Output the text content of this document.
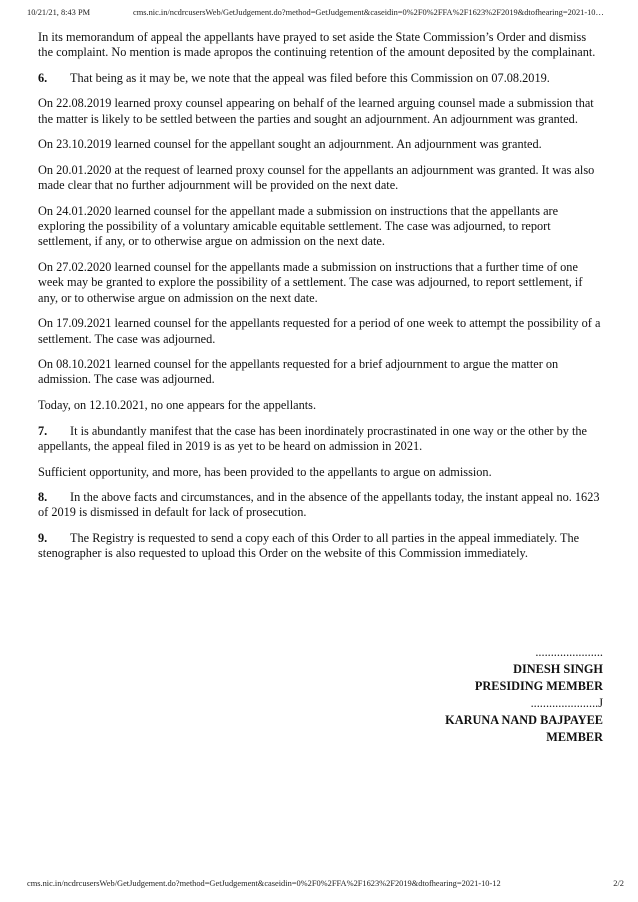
10/21/21, 8:43 PM	cms.nic.in/ncdrcusersWeb/GetJudgement.do?method=GetJudgement&caseidin=0%2F0%2FFA%2F1623%2F2019&dtofhearing=2021-10…

In its memorandum of appeal the appellants have prayed to set aside the State Commission’s Order and dismiss the complaint. No mention is made apropos the continuing retention of the amount deposited by the complainant.

6. That being as it may be, we note that the appeal was filed before this Commission on 07.08.2019.

On 22.08.2019 learned proxy counsel appearing on behalf of the learned arguing counsel made a submission that the matter is likely to be settled between the parties and sought an adjournment. An adjournment was granted.

On 23.10.2019 learned counsel for the appellant sought an adjournment. An adjournment was granted.

On 20.01.2020 at the request of learned proxy counsel for the appellants an adjournment was granted. It was also made clear that no further adjournment will be provided on the next date.

On 24.01.2020 learned counsel for the appellant made a submission on instructions that the appellants are exploring the possibility of a voluntary amicable equitable settlement. The case was adjourned, to report settlement, if any, or to otherwise argue on admission on the next date.

On 27.02.2020 learned counsel for the appellants made a submission on instructions that a further time of one week may be granted to explore the possibility of a settlement. The case was adjourned, to report settlement, if any, or to otherwise argue on admission on the next date.

On 17.09.2021 learned counsel for the appellants requested for a period of one week to attempt the possibility of a settlement. The case was adjourned.

On 08.10.2021 learned counsel for the appellants requested for a brief adjournment to argue the matter on admission. The case was adjourned.

Today, on 12.10.2021, no one appears for the appellants.

7. It is abundantly manifest that the case has been inordinately procrastinated in one way or the other by the appellants, the appeal filed in 2019 is as yet to be heard on admission in 2021.

Sufficient opportunity, and more, has been provided to the appellants to argue on admission.

8. In the above facts and circumstances, and in the absence of the appellants today, the instant appeal no. 1623 of 2019 is dismissed in default for lack of prosecution.

9. The Registry is requested to send a copy each of this Order to all parties in the appeal immediately. The stenographer is also requested to upload this Order on the website of this Commission immediately.

......................
DINESH SINGH
PRESIDING MEMBER
......................J
KARUNA NAND BAJPAYEE
MEMBER
cms.nic.in/ncdrcusersWeb/GetJudgement.do?method=GetJudgement&caseidin=0%2F0%2FFA%2F1623%2F2019&dtofhearing=2021-10-12	2/2
